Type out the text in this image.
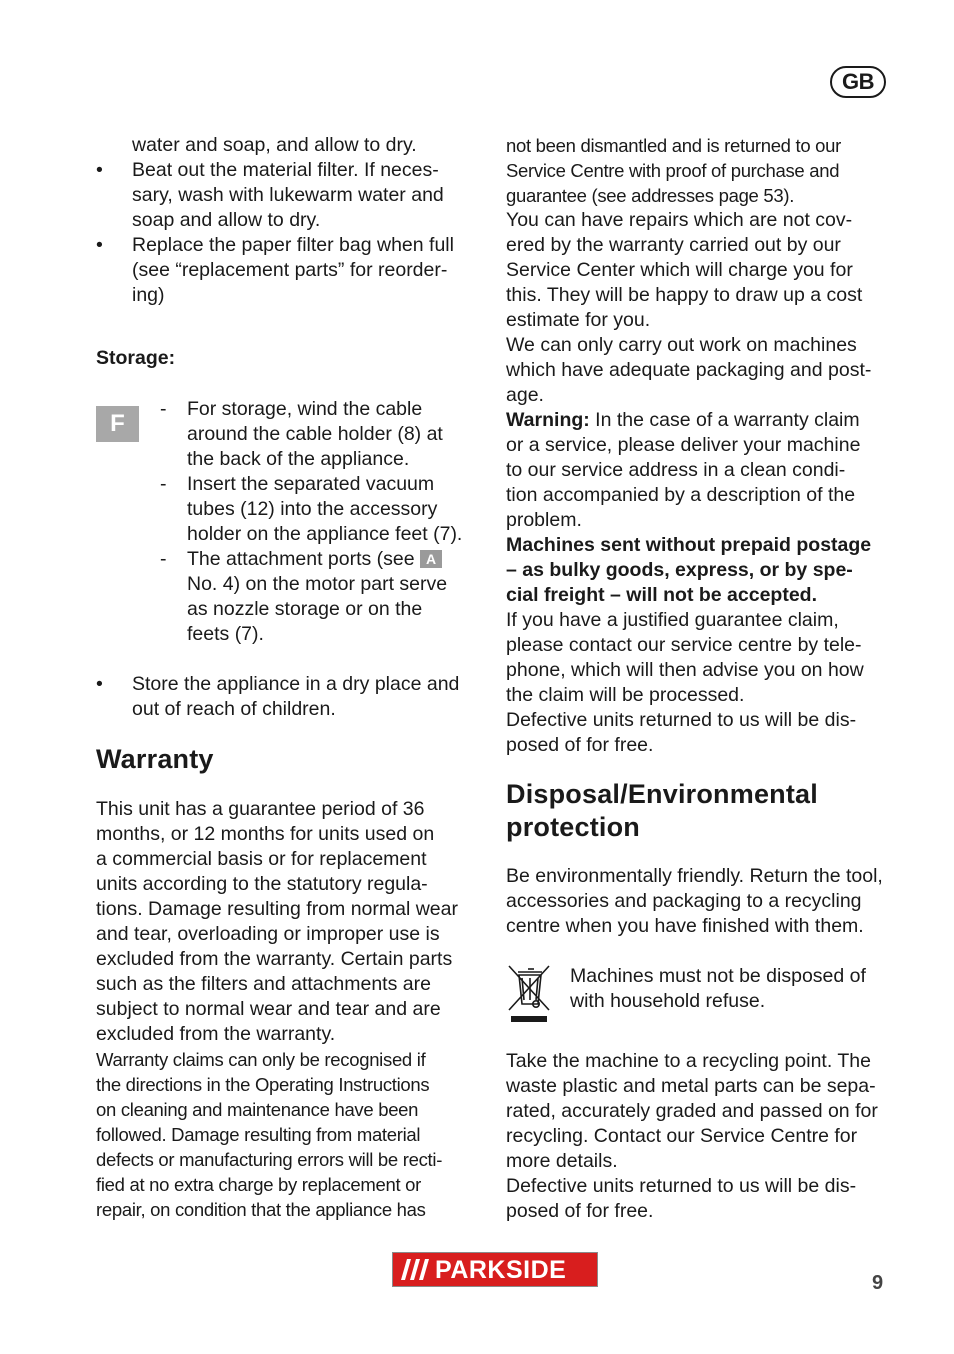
GB

water and soap, and allow to dry.

• Beat out the material filter. If neces-
sary, wash with lukewarm water and
soap and allow to dry.
• Replace the paper filter bag when full
(see “replacement parts” for reorder-
ing)
Storage:
F
- For storage, wind the cable
around the cable holder (8) at
the back of the appliance.
- Insert the separated vacuum
tubes (12) into the accessory
holder on the appliance feet (7).
- The attachment ports (see A
No. 4) on the motor part serve
as nozzle storage or on the
feets (7).
• Store the appliance in a dry place and
out of reach of children.
Warranty
This unit has a guarantee period of 36
months, or 12 months for units used on
a commercial basis or for replacement
units according to the statutory regula-
tions. Damage resulting from normal wear
and tear, overloading or improper use is
excluded from the warranty. Certain parts
such as the filters and attachments are
subject to normal wear and tear and are
excluded from the warranty.
Warranty claims can only be recognised if
the directions in the Operating Instructions
on cleaning and maintenance have been
followed. Damage resulting from material
defects or manufacturing errors will be recti-
fied at no extra charge by replacement or
repair, on condition that the appliance has
not been dismantled and is returned to our
Service Centre with proof of purchase and
guarantee (see addresses page 53).
You can have repairs which are not cov-
ered by the warranty carried out by our
Service Center which will charge you for
this. They will be happy to draw up a cost
estimate for you.
We can only carry out work on machines
which have adequate packaging and post-
age.
Warning: In the case of a warranty claim
or a service, please deliver your machine
to our service address in a clean condi-
tion accompanied by a description of the
problem.
Machines sent without prepaid postage
– as bulky goods, express, or by spe-
cial freight – will not be accepted.
If you have a justified guarantee claim,
please contact our service centre by tele-
phone, which will then advise you on how
the claim will be processed.
Defective units returned to us will be dis-
posed of for free.
Disposal/Environmental
protection
Be environmentally friendly. Return the tool,
accessories and packaging to a recycling
centre when you have finished with them.
Machines must not be disposed of
with household refuse.
Take the machine to a recycling point. The
waste plastic and metal parts can be sepa-
rated, accurately graded and passed on for
recycling. Contact our Service Centre for
more details.
Defective units returned to us will be dis-
posed of for free.
PARKSIDE	9
